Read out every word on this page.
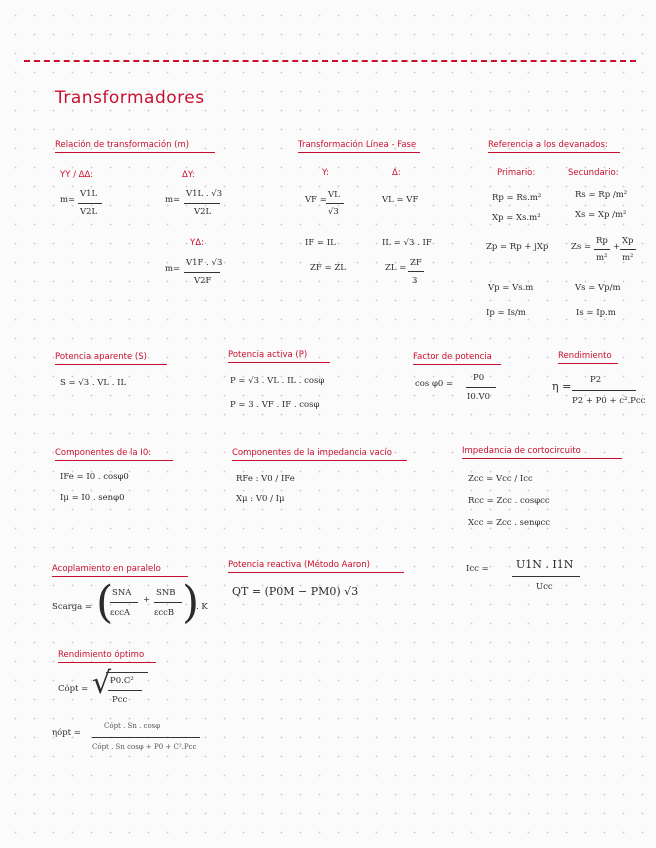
Transformadores
Relación de transformación (m)
YY / ΔΔ:	ΔY:
m=
V1L
V2L
m=
V1L . √3
V2L
YΔ:
m=
V1F . √3
V2F
Transformación Línea - Fase
Y:	Δ:
VF = VL
√3
VL = VF
IF = IL	IL = √3 . IF
ZF = ZL	ZL = ZF
3
Referencia a los devanados:
Primario:	Secundario:
Rp = Rs.m²	Rs = Rp /m²
Xp = Xs.m²	Xs = Xp /m²
Zp = Rp + jXp	Zs =
Rp
m²
+
Xp
m²
Vp = Vs.m	Vs = Vp/m
Ip = Is/m	Is = Ip.m
Potencia aparente (S)
S = √3 . VL . IL
Potencia activa (P)
P = √3 . VL . IL . cosφ
P = 3 . VF . IF . cosφ
Factor de potencia
cos φ0 =
P0
I0.V0
Rendimiento
η = P2
P2 + P0 + c².Pcc
Componentes de la I0:
IFe = I0 . cosφ0
Iμ = I0 . senφ0
Componentes de la impedancia vacío
RFe : V0 / IFe
Xμ : V0 / Iμ
Impedancia de cortocircuito
Zcc = Vcc / Icc
Rcc = Zcc . cosφcc
Xcc = Zcc . senφcc
Acoplamiento en paralelo
Scarga = (
SNA
εccA
+
SNB
εccB )
. K
Potencia reactiva (Método Aaron)
QT = (P0M − PM0) √3
Icc = U1N . I1N
Ucc
Rendimiento óptimo
Cópt = √
P0.C²
Pcc
ηópt =
Cópt . Sn . cosφ
Cópt . Sn cosφ + P0 + C².Pcc
